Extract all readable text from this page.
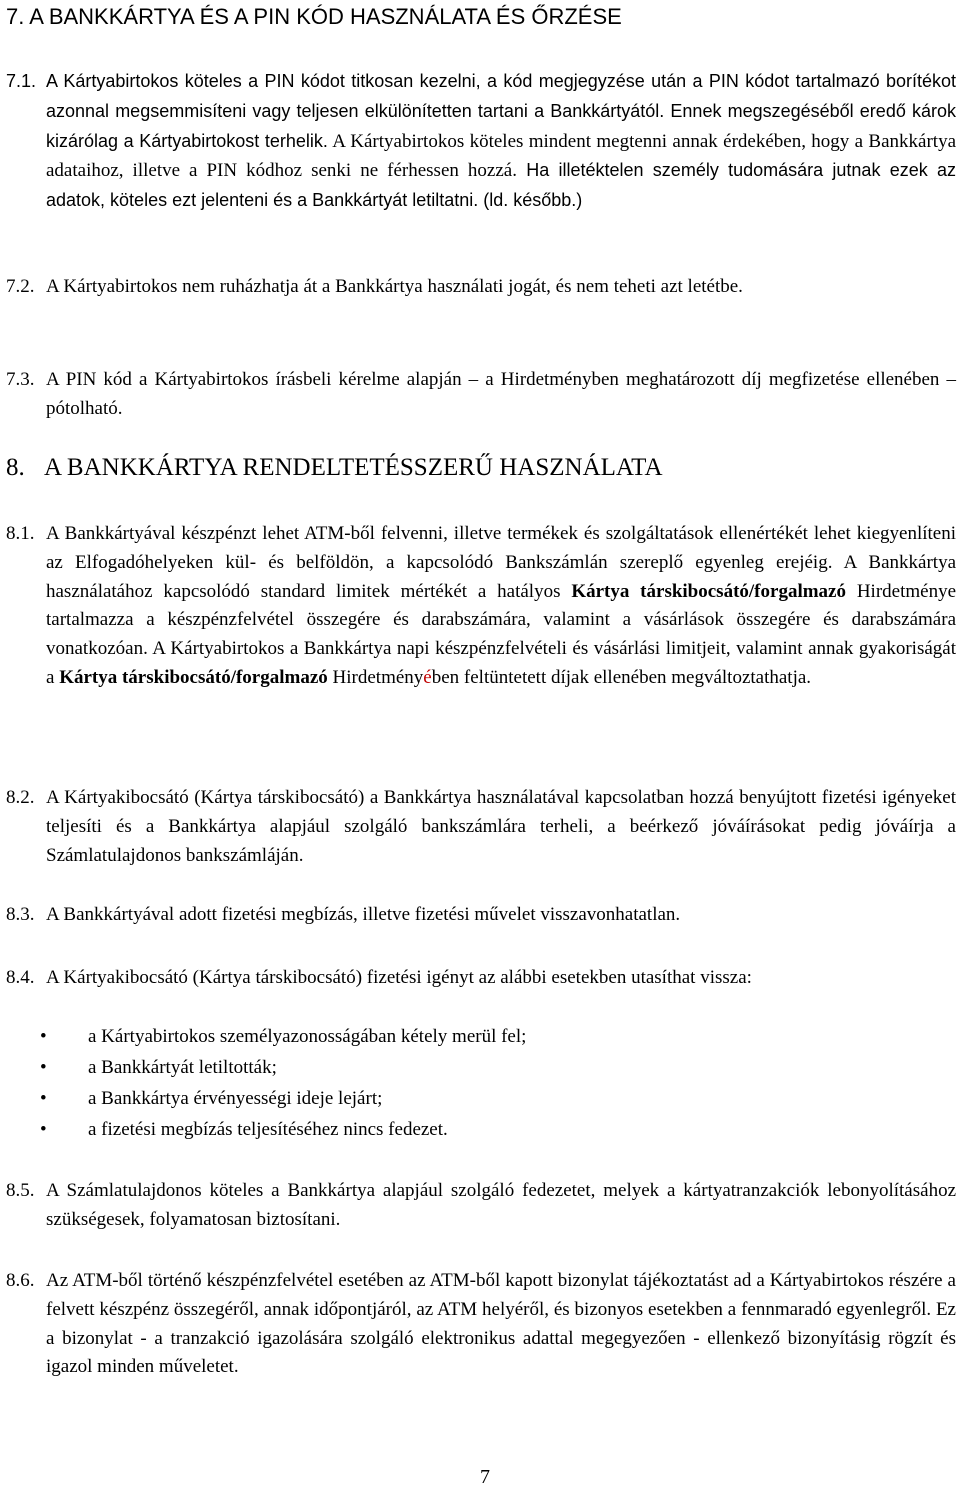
7. A BANKKÁRTYA ÉS A PIN KÓD HASZNÁLATA ÉS ŐRZÉSE
7.1. A Kártyabirtokos köteles a PIN kódot titkosan kezelni, a kód megjegyzése után a PIN kódot tartalmazó borítékot azonnal megsemmisíteni vagy teljesen elkülönítetten tartani a Bankkártyától. Ennek megszegéséből eredő károk kizárólag a Kártyabirtokost terhelik. A Kártyabirtokos köteles mindent megtenni annak érdekében, hogy a Bankkártya adataihoz, illetve a PIN kódhoz senki ne férhessen hozzá. Ha illetéktelen személy tudomására jutnak ezek az adatok, köteles ezt jelenteni és a Bankkártyát letiltatni. (ld. később.)
7.2. A Kártyabirtokos nem ruházhatja át a Bankkártya használati jogát, és nem teheti azt letétbe.
7.3. A PIN kód a Kártyabirtokos írásbeli kérelme alapján – a Hirdetményben meghatározott díj megfizetése ellenében – pótolható.
8. A BANKKÁRTYA RENDELTETÉSSZERŰ HASZNÁLATA
8.1. A Bankkártyával készpénzt lehet ATM-ből felvenni, illetve termékek és szolgáltatások ellenértékét lehet kiegyenlíteni az Elfogadóhelyeken kül- és belföldön, a kapcsolódó Bankszámlán szereplő egyenleg erejéig. A Bankkártya használatához kapcsolódó standard limitek mértékét a hatályos Kártya társkibocsátó/forgalmazó Hirdetménye tartalmazza a készpénzfelvétel összegére és darabszámára, valamint a vásárlások összegére és darabszámára vonatkozóan. A Kártyabirtokos a Bankkártya napi készpénzfelvételi és vásárlási limitjeit, valamint annak gyakoriságát a Kártya társkibocsátó/forgalmazó Hirdetményében feltüntetett díjak ellenében megváltoztathatja.
8.2. A Kártyakibocsátó (Kártya társkibocsátó) a Bankkártya használatával kapcsolatban hozzá benyújtott fizetési igényeket teljesíti és a Bankkártya alapjául szolgáló bankszámlára terheli, a beérkező jóváírásokat pedig jóváírja a Számlatulajdonos bankszámláján.
8.3. A Bankkártyával adott fizetési megbízás, illetve fizetési művelet visszavonhatatlan.
8.4. A Kártyakibocsátó (Kártya társkibocsátó) fizetési igényt az alábbi esetekben utasíthat vissza:
• a Kártyabirtokos személyazonosságában kétely merül fel;
• a Bankkártyát letiltották;
• a Bankkártya érvényességi ideje lejárt;
• a fizetési megbízás teljesítéséhez nincs fedezet.
8.5. A Számlatulajdonos köteles a Bankkártya alapjául szolgáló fedezetet, melyek a kártyatranzakciók lebonyolításához szükségesek, folyamatosan biztosítani.
8.6. Az ATM-ből történő készpénzfelvétel esetében az ATM-ből kapott bizonylat tájékoztatást ad a Kártyabirtokos részére a felvett készpénz összegéről, annak időpontjáról, az ATM helyéről, és bizonyos esetekben a fennmaradó egyenlegről. Ez a bizonylat - a tranzakció igazolására szolgáló elektronikus adattal megegyezően - ellenkező bizonyításig rögzít és igazol minden műveletet.
7
